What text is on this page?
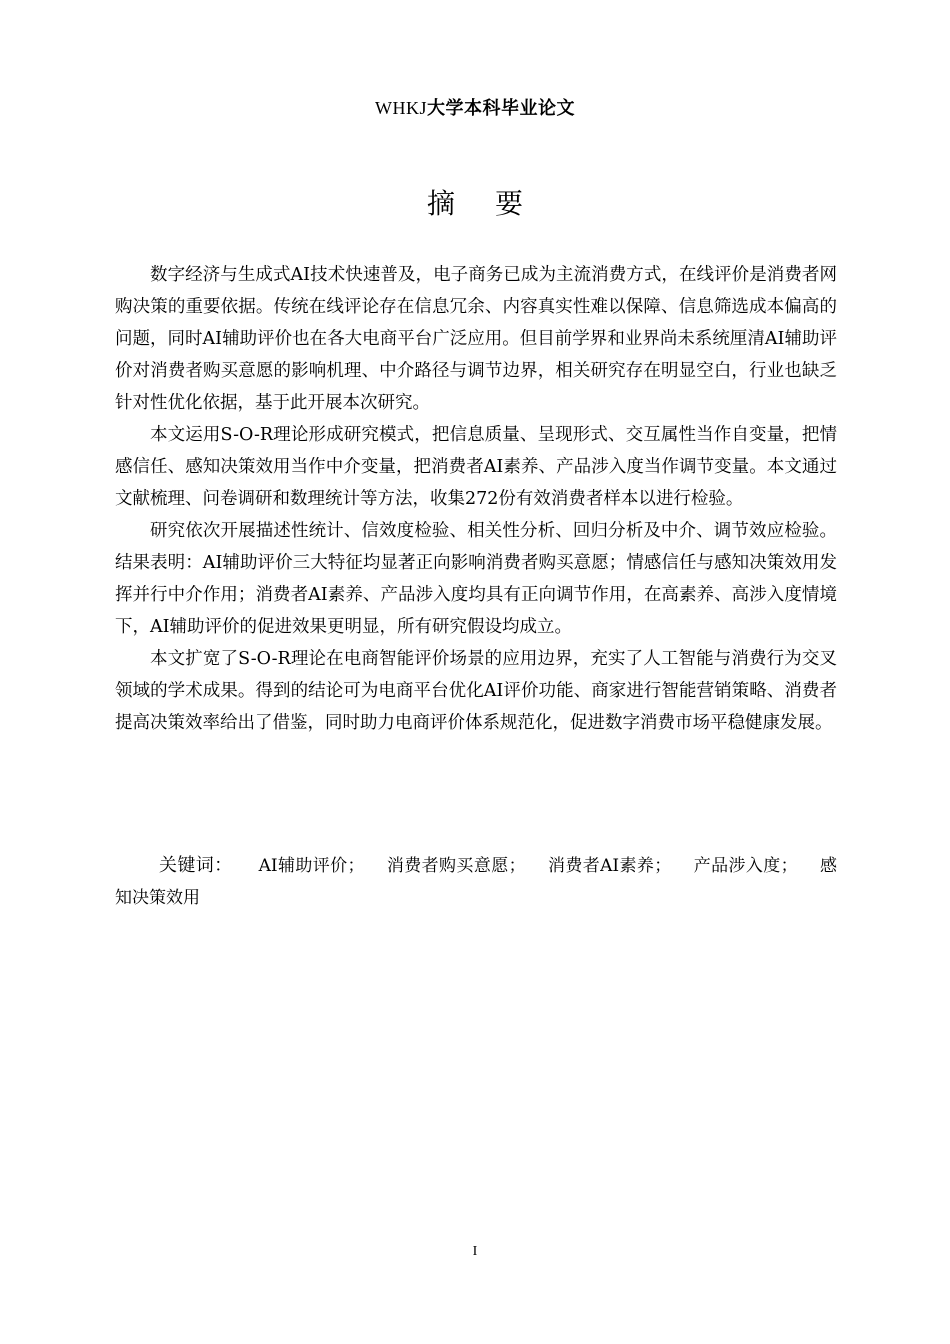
WHKJ大学本科毕业论文
摘要

数字经济与生成式AI技术快速普及，电子商务已成为主流消费方式，在线评价是消费者网购决策的重要依据。传统在线评论存在信息冗余、内容真实性难以保障、信息筛选成本偏高的问题，同时AI辅助评价也在各大电商平台广泛应用。但目前学界和业界尚未系统厘清AI辅助评价对消费者购买意愿的影响机理、中介路径与调节边界，相关研究存在明显空白，行业也缺乏针对性优化依据，基于此开展本次研究。

本文运用S-O-R理论形成研究模式，把信息质量、呈现形式、交互属性当作自变量，把情感信任、感知决策效用当作中介变量，把消费者AI素养、产品涉入度当作调节变量。本文通过文献梳理、问卷调研和数理统计等方法，收集272份有效消费者样本以进行检验。

研究依次开展描述性统计、信效度检验、相关性分析、回归分析及中介、调节效应检验。结果表明：AI辅助评价三大特征均显著正向影响消费者购买意愿；情感信任与感知决策效用发挥并行中介作用；消费者AI素养、产品涉入度均具有正向调节作用，在高素养、高涉入度情境下，AI辅助评价的促进效果更明显，所有研究假设均成立。

本文扩宽了S-O-R理论在电商智能评价场景的应用边界，充实了人工智能与消费行为交叉领域的学术成果。得到的结论可为电商平台优化AI评价功能、商家进行智能营销策略、消费者提高决策效率给出了借鉴，同时助力电商评价体系规范化，促进数字消费市场平稳健康发展。

关键词： AI辅助评价； 消费者购买意愿； 消费者AI素养； 产品涉入度； 感知决策效用
I
